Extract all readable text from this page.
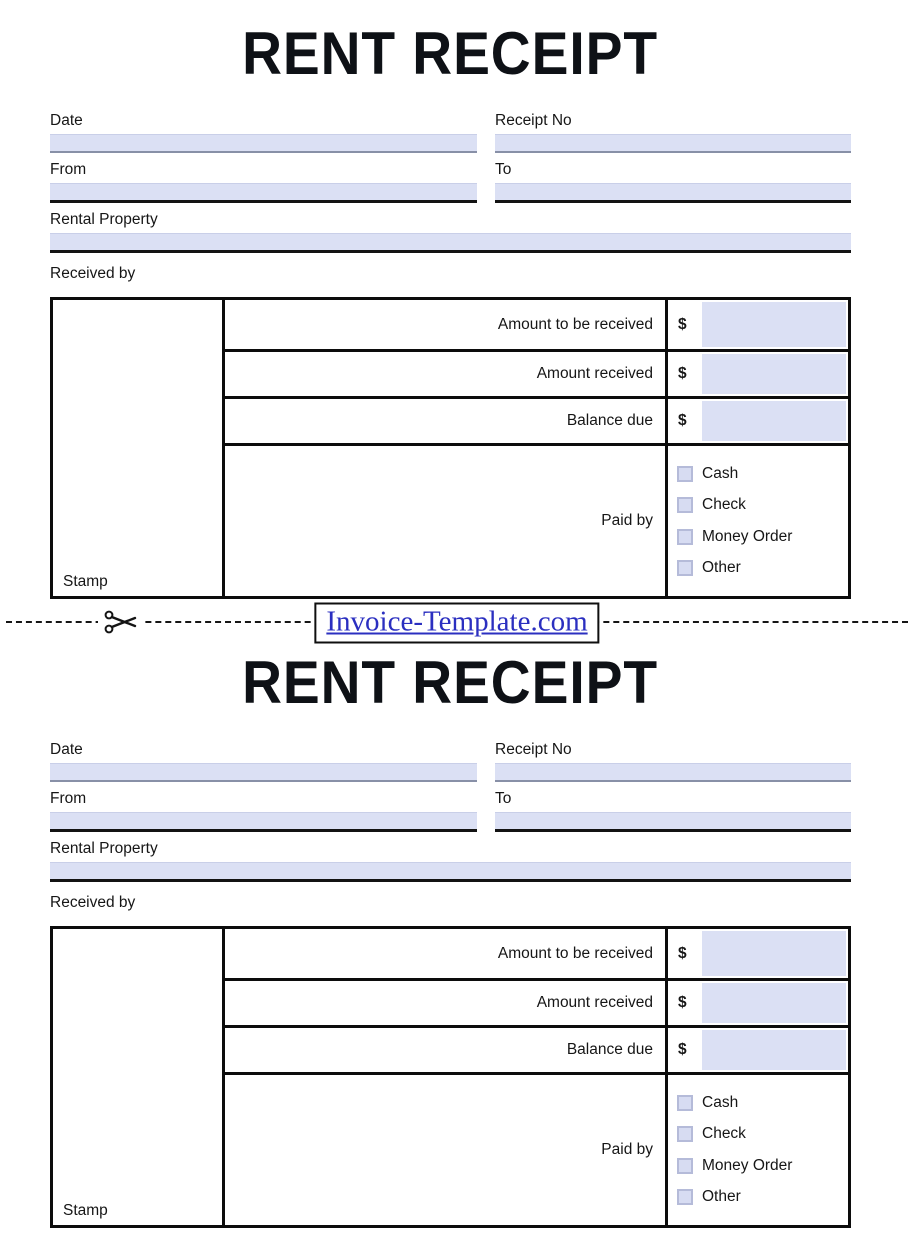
RENT RECEIPT
Date	Receipt No
From	To
Rental Property
Received by
Stamp
Amount to be received	$
Amount received	$
Balance due	$
Paid by
Cash
Check
Money Order
Other
Invoice-Template.com
RENT RECEIPT
Date	Receipt No
From	To
Rental Property
Received by
Stamp
Amount to be received	$
Amount received	$
Balance due	$
Paid by
Cash
Check
Money Order
Other
